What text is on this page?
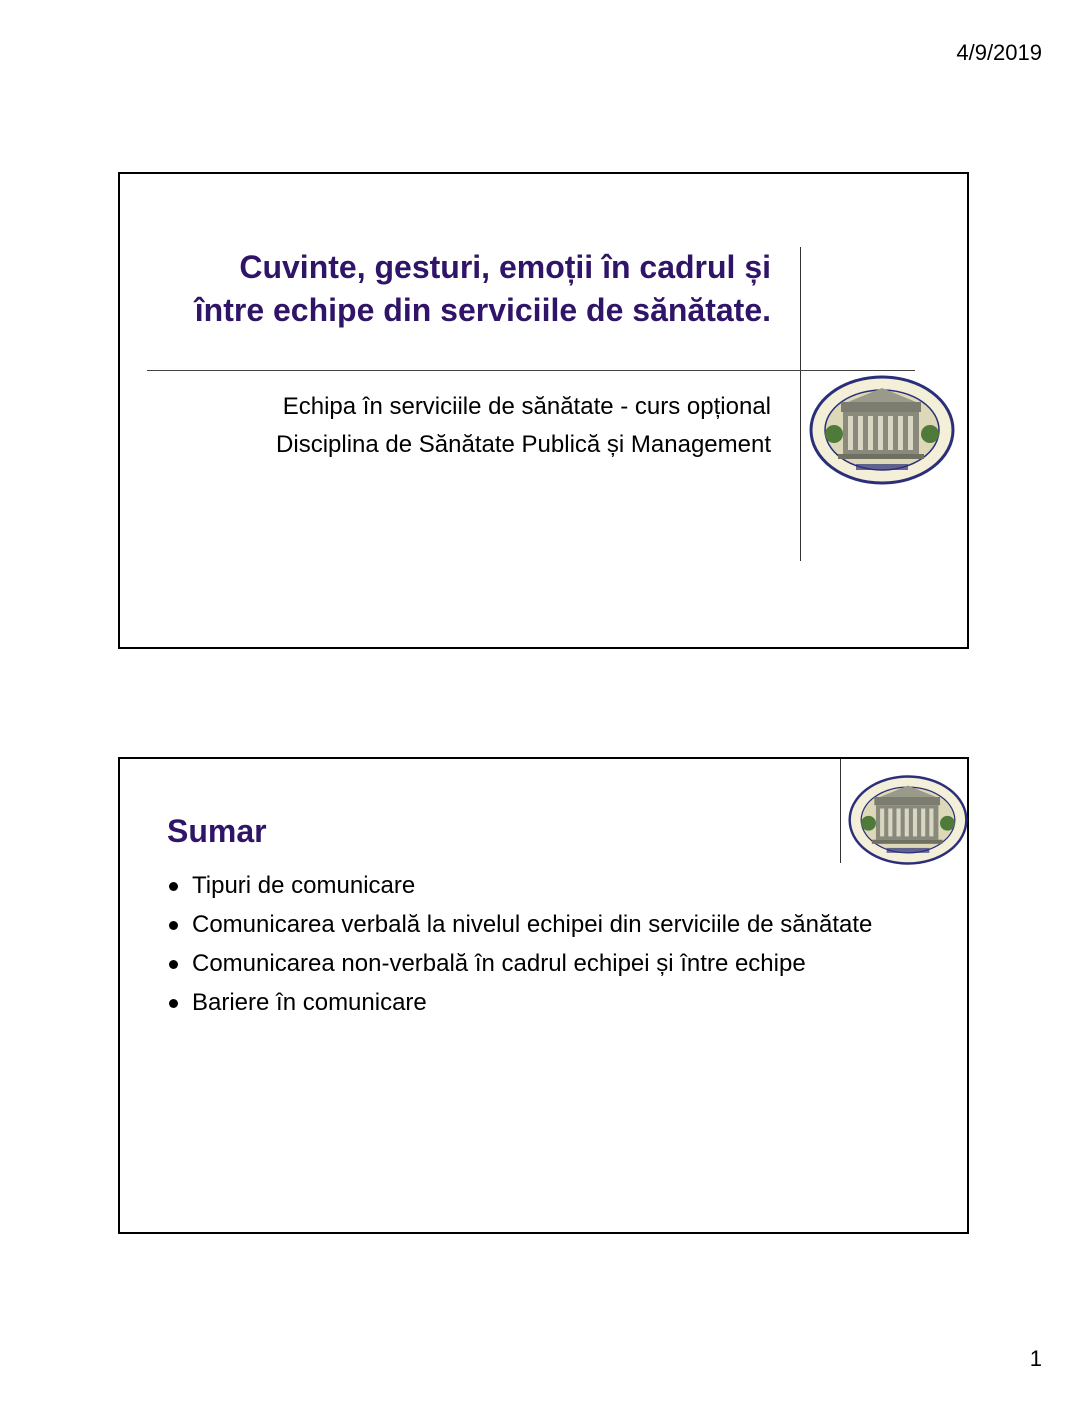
4/9/2019
Cuvinte, gesturi, emoții în cadrul și între echipe din serviciile de sănătate.
Echipa în serviciile de sănătate - curs opțional
Disciplina de Sănătate Publică și Management
Sumar
Tipuri de comunicare
Comunicarea verbală la nivelul echipei din serviciile de sănătate
Comunicarea non-verbală în cadrul echipei și între echipe
Bariere în comunicare
1
